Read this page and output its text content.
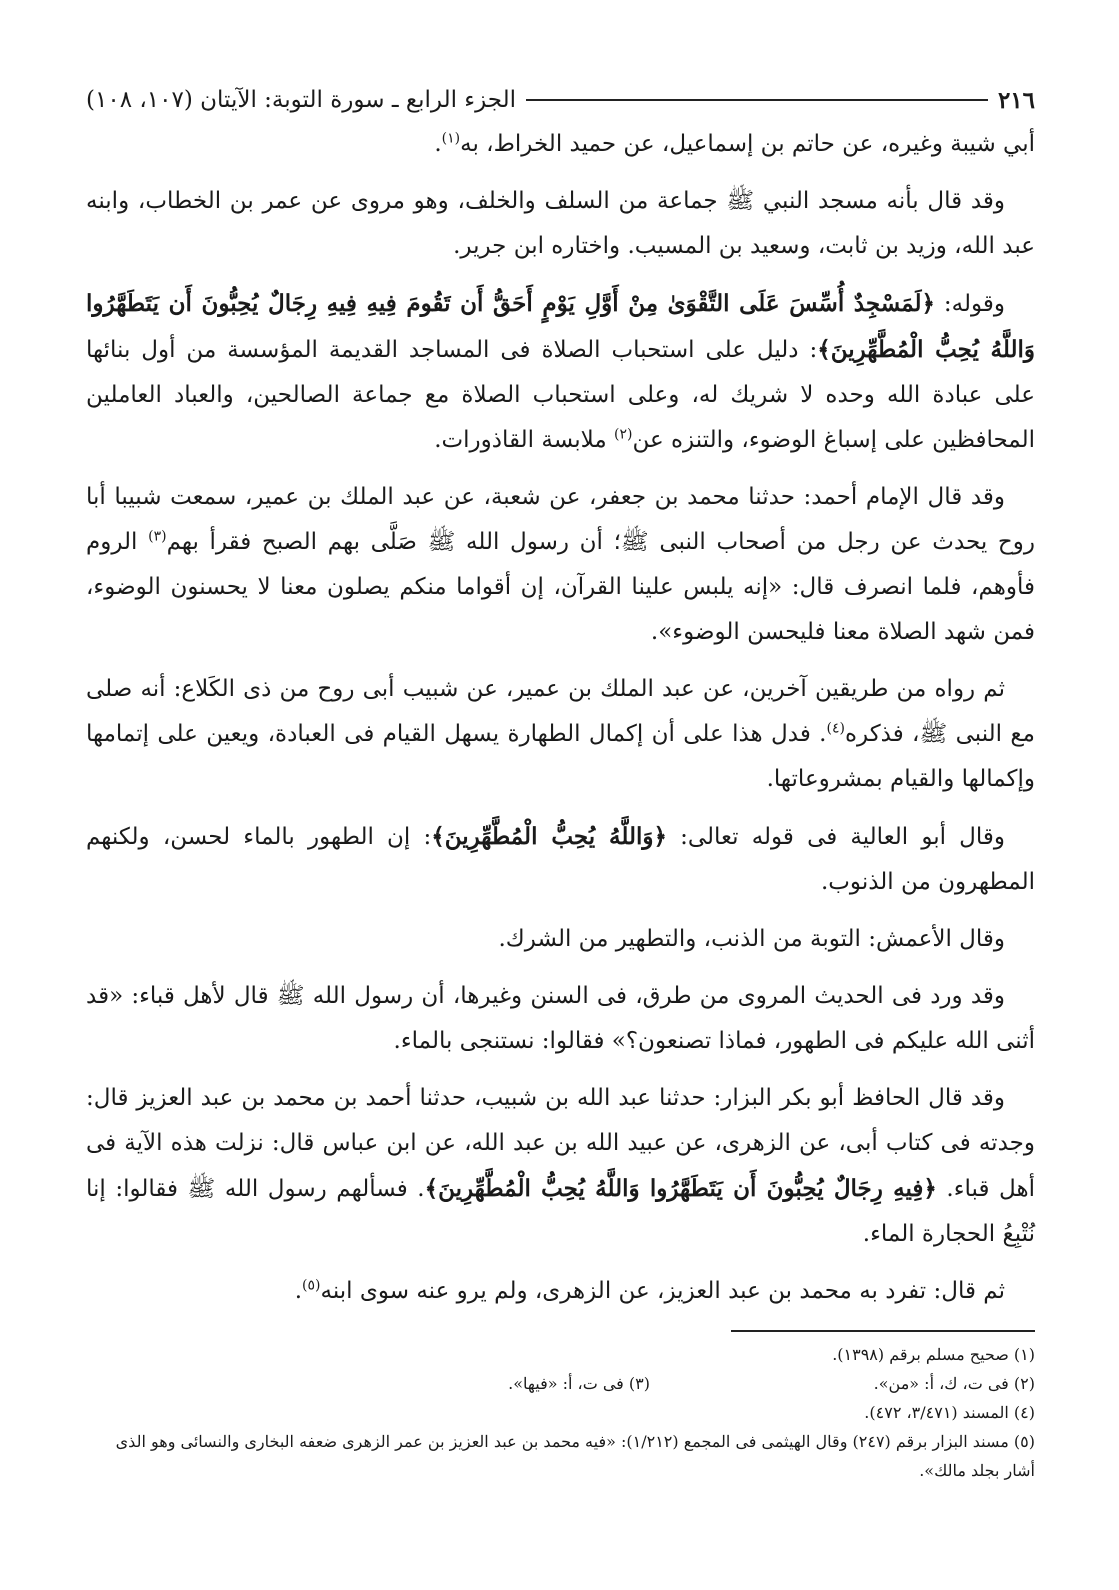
٢١٦
الجزء الرابع ـ سورة التوبة: الآيتان (١٠٧، ١٠٨)

أبي شيبة وغيره، عن حاتم بن إسماعيل، عن حميد الخراط، به$^{(١)}$.

وقد قال بأنه مسجد النبي ﷺ جماعة من السلف والخلف، وهو مروى عن عمر بن الخطاب، وابنه عبد الله، وزيد بن ثابت، وسعيد بن المسيب. واختاره ابن جرير.

وقوله: ﴿لَمَسْجِدٌ أُسِّسَ عَلَى التَّقْوَىٰ مِنْ أَوَّلِ يَوْمٍ أَحَقُّ أَن تَقُومَ فِيهِ فِيهِ رِجَالٌ يُحِبُّونَ أَن يَتَطَهَّرُوا وَاللَّهُ يُحِبُّ الْمُطَّهِّرِينَ﴾: دليل على استحباب الصلاة فى المساجد القديمة المؤسسة من أول بنائها على عبادة الله وحده لا شريك له، وعلى استحباب الصلاة مع جماعة الصالحين، والعباد العاملين المحافظين على إسباغ الوضوء، والتنزه عن$^{(٢)}$ ملابسة القاذورات.

وقد قال الإمام أحمد: حدثنا محمد بن جعفر، عن شعبة، عن عبد الملك بن عمير، سمعت شبيبا أبا روح يحدث عن رجل من أصحاب النبى ﷺ؛ أن رسول الله ﷺ صَلَّى بهم الصبح فقرأ بهم$^{(٣)}$ الروم فأوهم، فلما انصرف قال: «إنه يلبس علينا القرآن، إن أقواما منكم يصلون معنا لا يحسنون الوضوء، فمن شهد الصلاة معنا فليحسن الوضوء».

ثم رواه من طريقين آخرين، عن عبد الملك بن عمير، عن شبيب أبى روح من ذى الكَلاع: أنه صلى مع النبى ﷺ، فذكره$^{(٤)}$. فدل هذا على أن إكمال الطهارة يسهل القيام فى العبادة، ويعين على إتمامها وإكمالها والقيام بمشروعاتها.

وقال أبو العالية فى قوله تعالى: ﴿وَاللَّهُ يُحِبُّ الْمُطَّهِّرِينَ﴾: إن الطهور بالماء لحسن، ولكنهم المطهرون من الذنوب.

وقال الأعمش: التوبة من الذنب، والتطهير من الشرك.

وقد ورد فى الحديث المروى من طرق، فى السنن وغيرها، أن رسول الله ﷺ قال لأهل قباء: «قد أثنى الله عليكم فى الطهور، فماذا تصنعون؟» فقالوا: نستنجى بالماء.

وقد قال الحافظ أبو بكر البزار: حدثنا عبد الله بن شبيب، حدثنا أحمد بن محمد بن عبد العزيز قال: وجدته فى كتاب أبى، عن الزهرى، عن عبيد الله بن عبد الله، عن ابن عباس قال: نزلت هذه الآية فى أهل قباء. ﴿فِيهِ رِجَالٌ يُحِبُّونَ أَن يَتَطَهَّرُوا وَاللَّهُ يُحِبُّ الْمُطَّهِّرِينَ﴾. فسألهم رسول الله ﷺ فقالوا: إنا نُتْبِعُ الحجارة الماء.

ثم قال: تفرد به محمد بن عبد العزيز، عن الزهرى، ولم يرو عنه سوى ابنه$^{(٥)}$.

(١) صحيح مسلم برقم (١٣٩٨).

(٢) فى ت، ك، أ: «من».

(٣) فى ت، أ: «فيها».

(٤) المسند (٣/٤٧١، ٤٧٢).

(٥) مسند البزار برقم (٢٤٧) وقال الهيثمى فى المجمع (١/٢١٢): «فيه محمد بن عبد العزيز بن عمر الزهرى ضعفه البخارى والنسائى وهو الذى أشار بجلد مالك».
